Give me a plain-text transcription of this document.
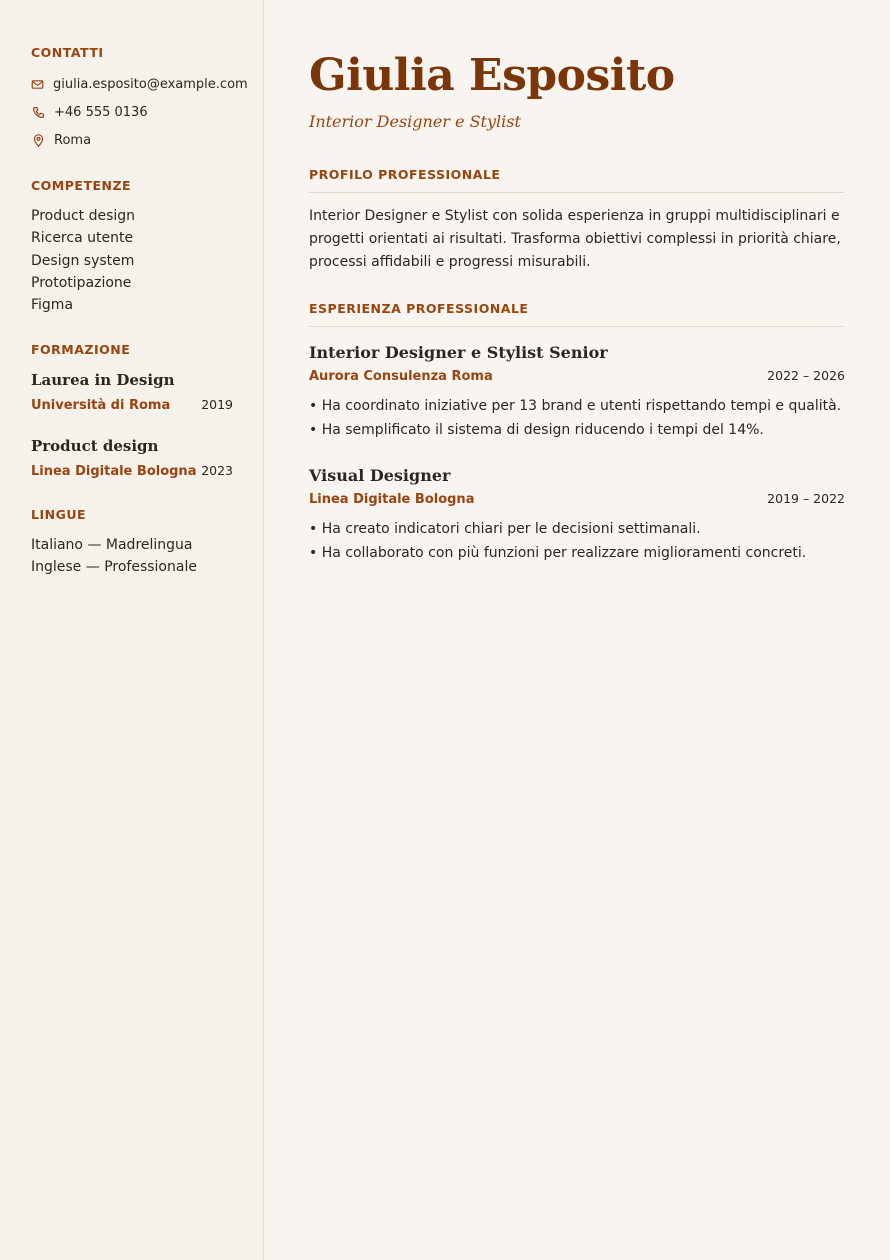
CONTATTI
giulia.esposito@example.com
+46 555 0136
Roma
COMPETENZE
Product design
Ricerca utente
Design system
Prototipazione
Figma
FORMAZIONE
Laurea in Design
Università di Roma 2019
Product design
Linea Digitale Bologna 2023
LINGUE
Italiano — Madrelingua
Inglese — Professionale
Giulia Esposito
Interior Designer e Stylist
PROFILO PROFESSIONALE

Interior Designer e Stylist con solida esperienza in gruppi multidisciplinari e progetti orientati ai risultati. Trasforma obiettivi complessi in priorità chiare, processi affidabili e progressi misurabili.

ESPERIENZA PROFESSIONALE
Interior Designer e Stylist Senior
Aurora Consulenza Roma	2022 – 2026
• Ha coordinato iniziative per 13 brand e utenti rispettando tempi e qualità.
• Ha semplificato il sistema di design riducendo i tempi del 14%.
Visual Designer
Linea Digitale Bologna	2019 – 2022
• Ha creato indicatori chiari per le decisioni settimanali.
• Ha collaborato con più funzioni per realizzare miglioramenti concreti.
